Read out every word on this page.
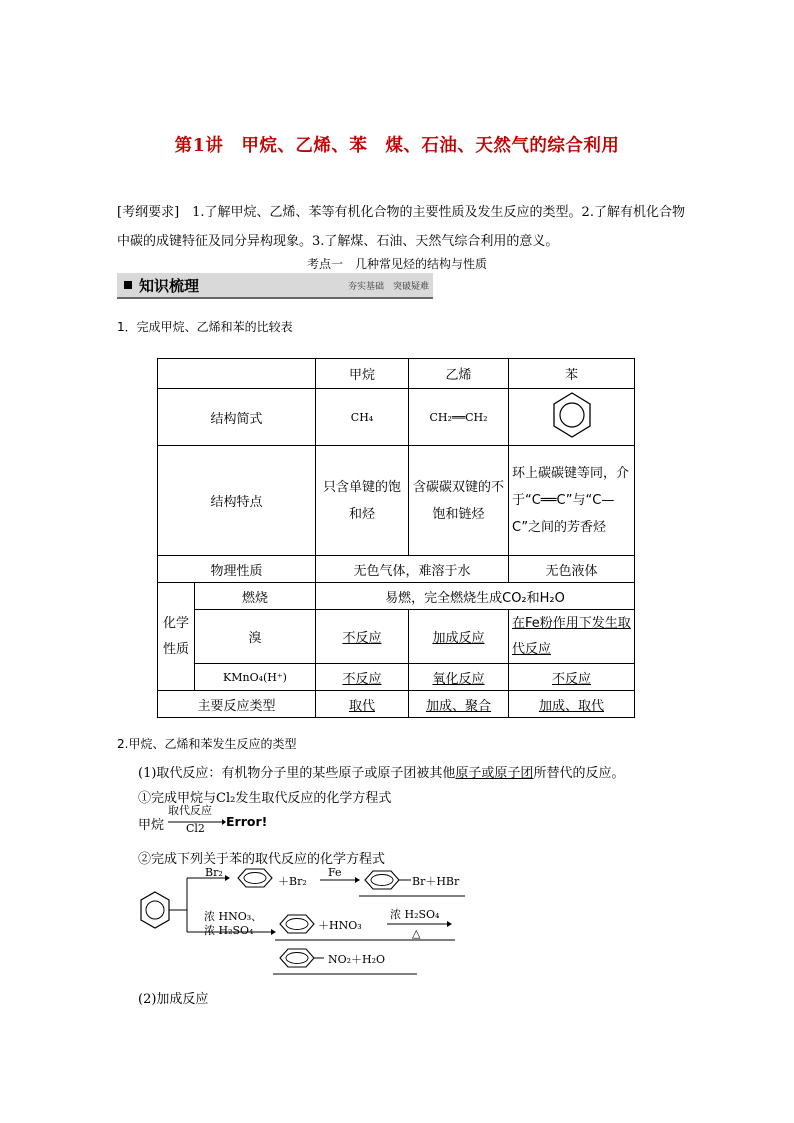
第1讲　甲烷、乙烯、苯　煤、石油、天然气的综合利用
[考纲要求]　1.了解甲烷、乙烯、苯等有机化合物的主要性质及发生反应的类型。2.了解有机化合物中碳的成键特征及同分异构现象。3.了解煤、石油、天然气综合利用的意义。
考点一　几种常见烃的结构与性质
知识梳理	夯实基础　突破疑难
1．完成甲烷、乙烯和苯的比较表
		甲烷	乙烯	苯
结构简式		CH₄	CH₂══CH₂	
结构特点		只含单键的饱和烃	含碳碳双键的不饱和链烃	环上碳碳键等同，介于“C══C”与“C—C”之间的芳香烃
物理性质		无色气体，难溶于水		无色液体
化学性质	燃烧	易燃，完全燃烧生成CO₂和H₂O		
	溴	不反应	加成反应	在Fe粉作用下发生取代反应
	KMnO₄(H⁺)	不反应	氧化反应	不反应
主要反应类型		取代	加成、聚合	加成、取代
2.甲烷、乙烯和苯发生反应的类型
(1)取代反应：有机物分子里的某些原子或原子团被其他原子或原子团所替代的反应。
①完成甲烷与Cl₂发生取代反应的化学方程式
甲烷
取代反应
Cl2 Error!
②完成下列关于苯的取代反应的化学方程式
Br₂
＋Br₂
Fe
Br＋HBr
浓 HNO₃、
浓 H₂SO₄	＋HNO₃
浓 H₂SO₄
△
NO₂＋H₂O
(2)加成反应
